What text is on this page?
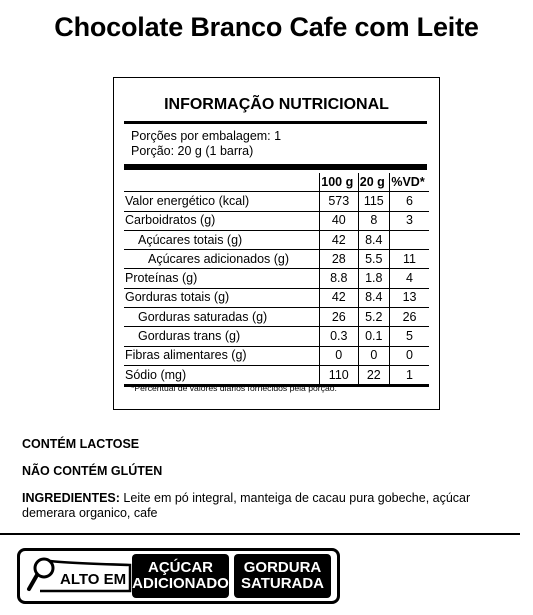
Chocolate Branco Cafe com Leite
INFORMAÇÃO NUTRICIONAL
Porções por embalagem: 1
Porção: 20 g (1 barra)
	100 g	20 g	%VD*
Valor energético (kcal)	573	115	6
Carboidratos (g)	40	8	3
Açúcares totais (g)	42	8.4	
Açúcares adicionados (g)	28	5.5	11
Proteínas (g)	8.8	1.8	4
Gorduras totais (g)	42	8.4	13
Gorduras saturadas (g)	26	5.2	26
Gorduras trans (g)	0.3	0.1	5
Fibras alimentares (g)	0	0	0
Sódio (mg)	110	22	1
*Percentual de valores diários fornecidos pela porção.
CONTÉM LACTOSE
NÃO CONTÉM GLÚTEN
INGREDIENTES: Leite em pó integral, manteiga de cacau pura gobeche, açúcar demerara organico, cafe
ALTO EM
AÇÚCAR
ADICIONADO
GORDURA
SATURADA
